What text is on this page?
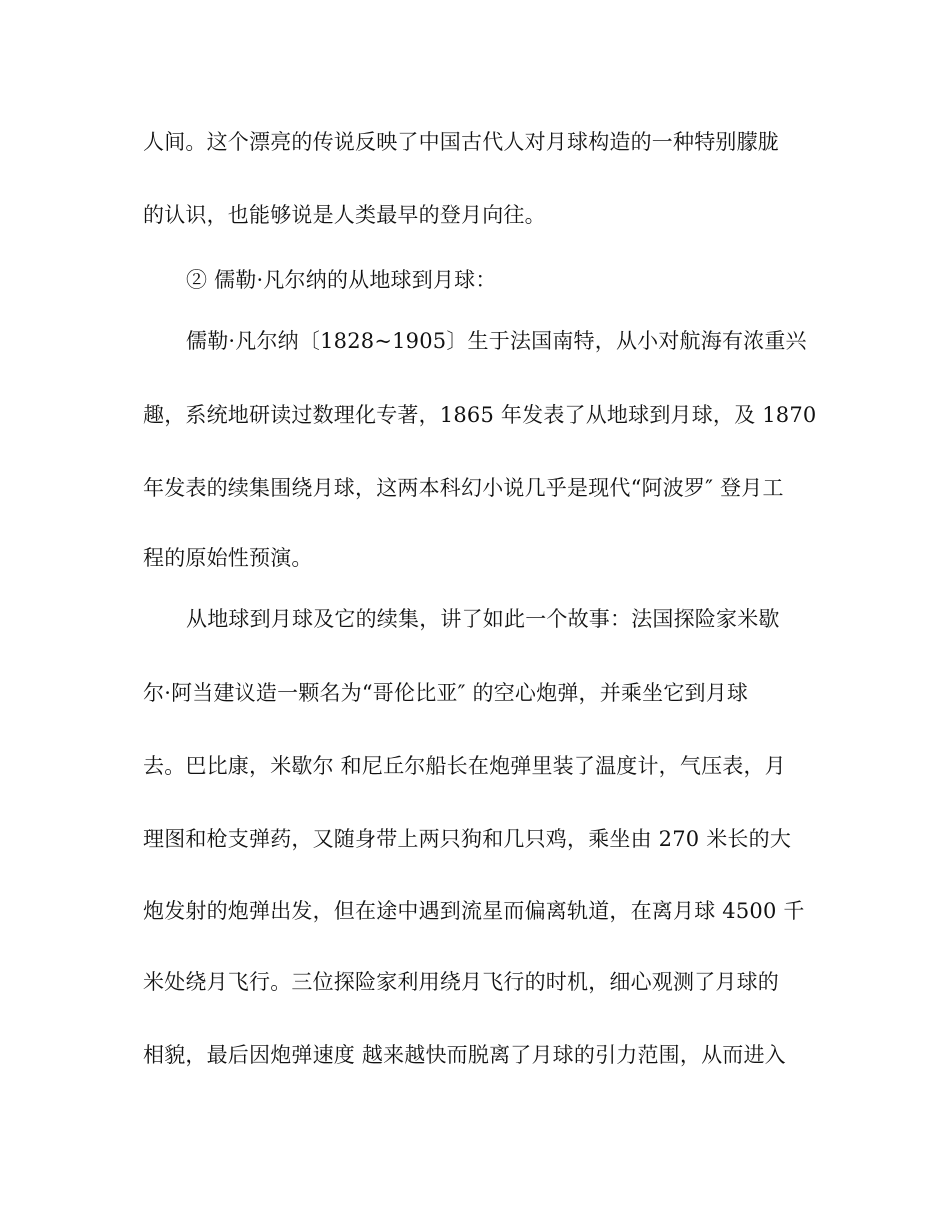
人间。这个漂亮的传说反映了中国古代人对月球构造的一种特别朦胧
的认识，也能够说是人类最早的登月向往。
② 儒勒·凡尔纳的从地球到月球：
儒勒·凡尔纳〔1828~1905〕生于法国南特，从小对航海有浓重兴
趣，系统地研读过数理化专著，1865 年发表了从地球到月球，及 1870
年发表的续集围绕月球，这两本科幻小说几乎是现代“阿波罗″ 登月工
程的原始性预演。
从地球到月球及它的续集，讲了如此一个故事：法国探险家米歇
尔·阿当建议造一颗名为“哥伦比亚″ 的空心炮弹，并乘坐它到月球
去。巴比康，米歇尔 和尼丘尔船长在炮弹里装了温度计，气压表，月
理图和枪支弹药，又随身带上两只狗和几只鸡，乘坐由 270 米长的大
炮发射的炮弹出发，但在途中遇到流星而偏离轨道，在离月球 4500 千
米处绕月飞行。三位探险家利用绕月飞行的时机，细心观测了月球的
相貌，最后因炮弹速度 越来越快而脱离了月球的引力范围，从而进入
